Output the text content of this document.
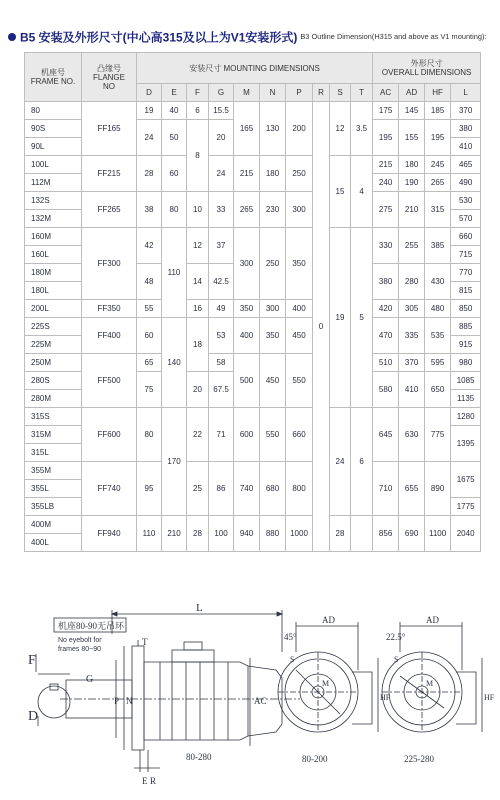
B5 安装及外形尺寸(中心高315及以上为V1安装形式) B3 Outline Dimension(H315 and above as V1 mounting):
机座号
FRAME NO.	凸缘号
FLANGE
NO	安装尺寸 MOUNTING DIMENSIONS										外形尺寸
OVERALL DIMENSIONS			
		D	E	F	G	M	N	P	R	S	T	AC	AD	HF	L
80	FF165	19	40	6	15.5	165	130	200	0	12	3.5	175	145	185	370
90S		24	50	8	20							195	155	195	380
90L															410
100L	FF215	28	60		24	215	180	250		15	4	215	180	245	465
112M												240	190	265	490
132S	FF265	38	80	10	33	265	230	300				275	210	315	530
132M															570
160M	FF300	42	110	12	37	300	250	350		19	5	330	255	385	660
160L															715
180M		48		14	42.5							380	280	430	770
180L															815
200L	FF350	55		16	49	350	300	400				420	305	480	850
225S	FF400	60	140	18	53	400	350	450				470	335	535	885
225M															915
250M	FF500	65			58	500	450	550				510	370	595	980
280S		75		20	67.5							580	410	650	1085
280M															1135
315S	FF600	80	170	22	71	600	550	660		24	6	645	630	775	1280
315M															1395
315L															
355M	FF740	95		25	86	740	680	800				710	655	890	1675
355L															
355LB															1775
400M	FF940	110	210	28	100	940	880	1000		28		856	690	1100	2040
400L															
机座80-90无吊环
No eyebolt for
frames 80~90
L
F
G
D
T
P N	AC
E R
AD
HF
M
S
45°
AD
HF
M
S
22.5°
80-280	80-200	225-280
